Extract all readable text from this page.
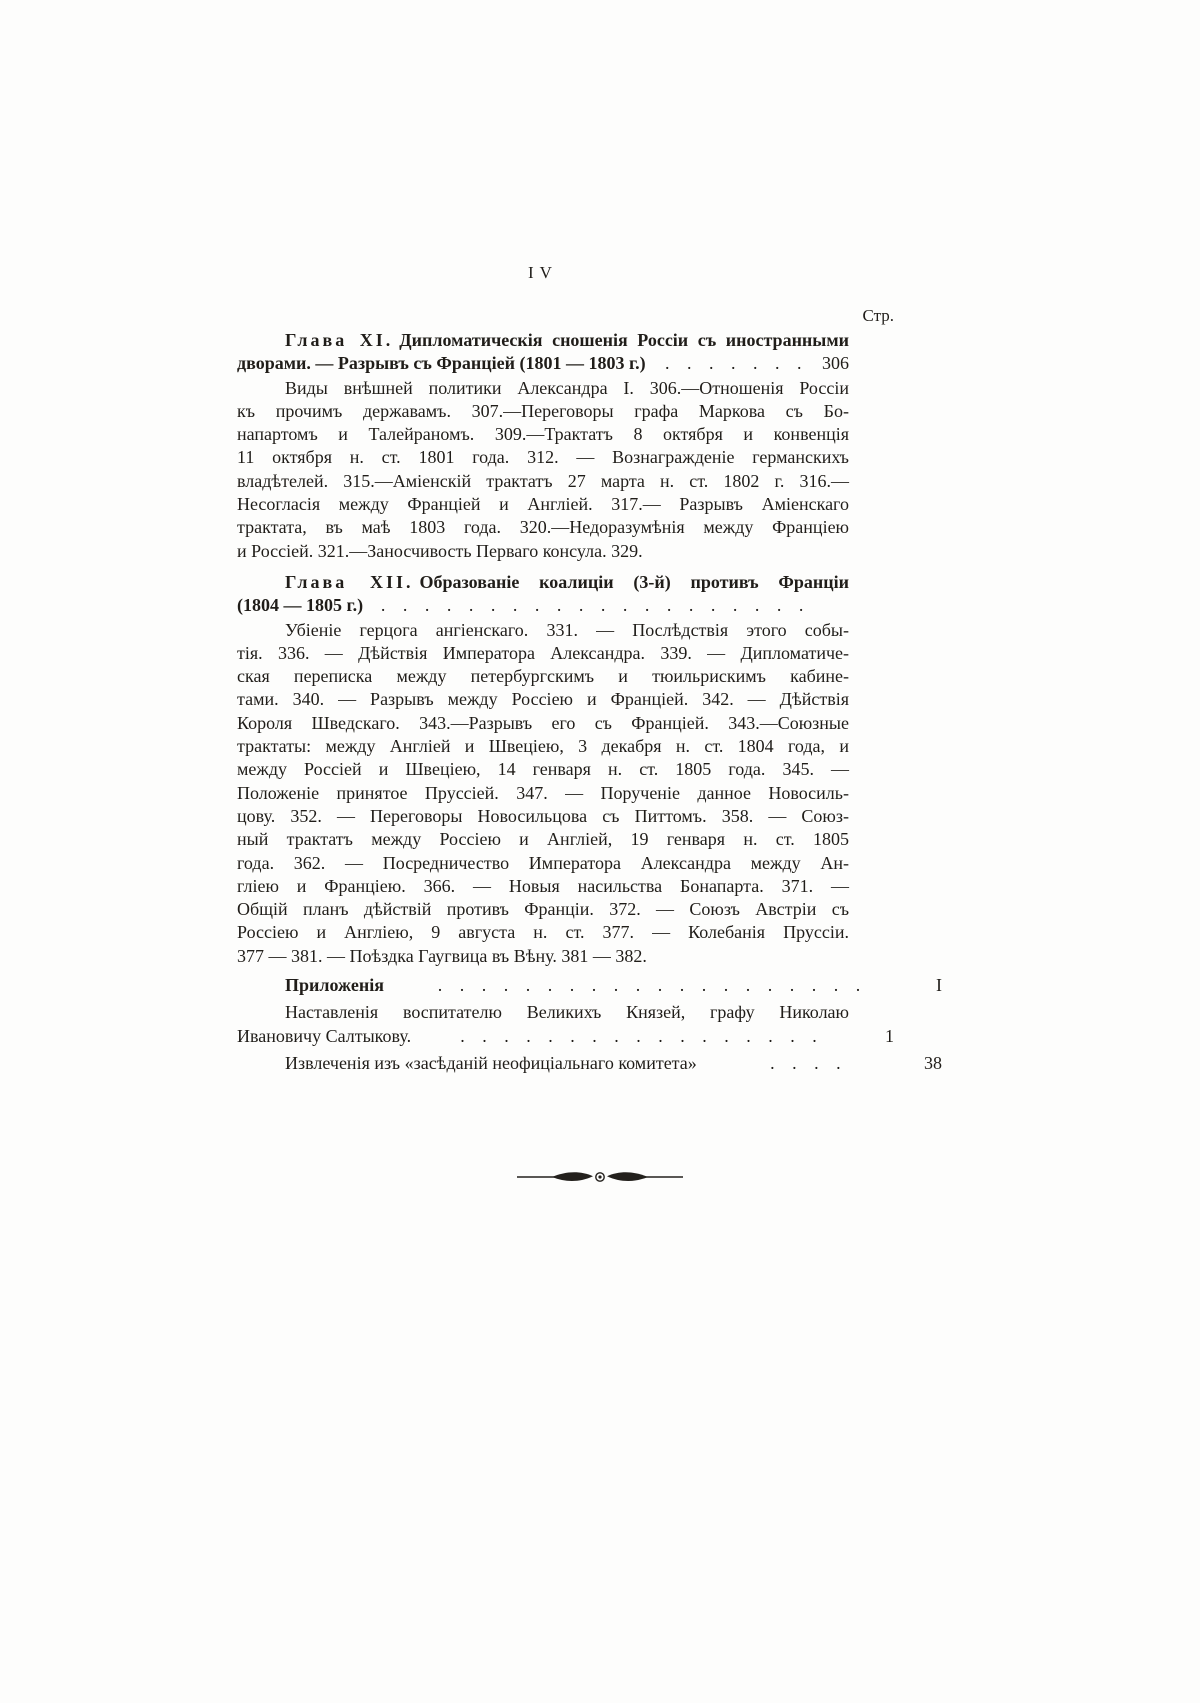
IV
Стр.
Глава XI. Дипломатическія сношенія Россіи съ иностранными
дворами. — Разрывъ съ Франціей (1801 — 1803 г.)	. . . . . . .	306
Виды внѣшней политики Александра I. 306.—Отношенія Россіи
къ прочимъ державамъ. 307.—Переговоры графа Маркова съ Бо-
напартомъ и Талейраномъ. 309.—Трактатъ 8 октября и конвенція
11 октября н. ст. 1801 года. 312. — Вознагражденіе германскихъ
владѣтелей. 315.—Аміенскій трактатъ 27 марта н. ст. 1802 г. 316.—
Несогласія между Франціей и Англіей. 317.— Разрывъ Аміенскаго
трактата, въ маѣ 1803 года. 320.—Недоразумѣнія между Франціею
и Россіей. 321.—Заносчивость Перваго консула. 329.
Глава XII. Образованіе коалиціи (3-й) противъ Франціи
(1804 — 1805 г.) . . . . . . . . . . . . . . . . . . . .
Убіеніе герцога ангіенскаго. 331. — Послѣдствія этого собы-
тія. 336. — Дѣйствія Императора Александра. 339. — Дипломатиче-
ская переписка между петербургскимъ и тюильрискимъ кабине-
тами. 340. — Разрывъ между Россіею и Франціей. 342. — Дѣйствія
Короля Шведскаго. 343.—Разрывъ его съ Франціей. 343.—Союзные
трактаты: между Англіей и Швеціею, 3 декабря н. ст. 1804 года, и
между Россіей и Швеціею, 14 генваря н. ст. 1805 года. 345. —
Положеніе принятое Пруссіей. 347. — Порученіе данное Новосиль-
цову. 352. — Переговоры Новосильцова съ Питтомъ. 358. — Союз-
ный трактатъ между Россіею и Англіей, 19 генваря н. ст. 1805
года. 362. — Посредничество Императора Александра между Ан-
гліею и Франціею. 366. — Новыя насильства Бонапарта. 371. —
Общій планъ дѣйствій противъ Франціи. 372. — Союзъ Австріи съ
Россіею и Англіею, 9 августа н. ст. 377. — Колебанія Пруссіи.
377 — 381. — Поѣздка Гаугвица въ Вѣну. 381 — 382.
Приложенія	. . . . . . . . . . . . . . . . . . . .	I
Наставленія воспитателю Великихъ Князей, графу Николаю
Ивановичу Салтыкову.	. . . . . . . . . . . . . . . . .	1
Извлеченія изъ «засѣданій неофиціальнаго комитета»	. . . .	38
